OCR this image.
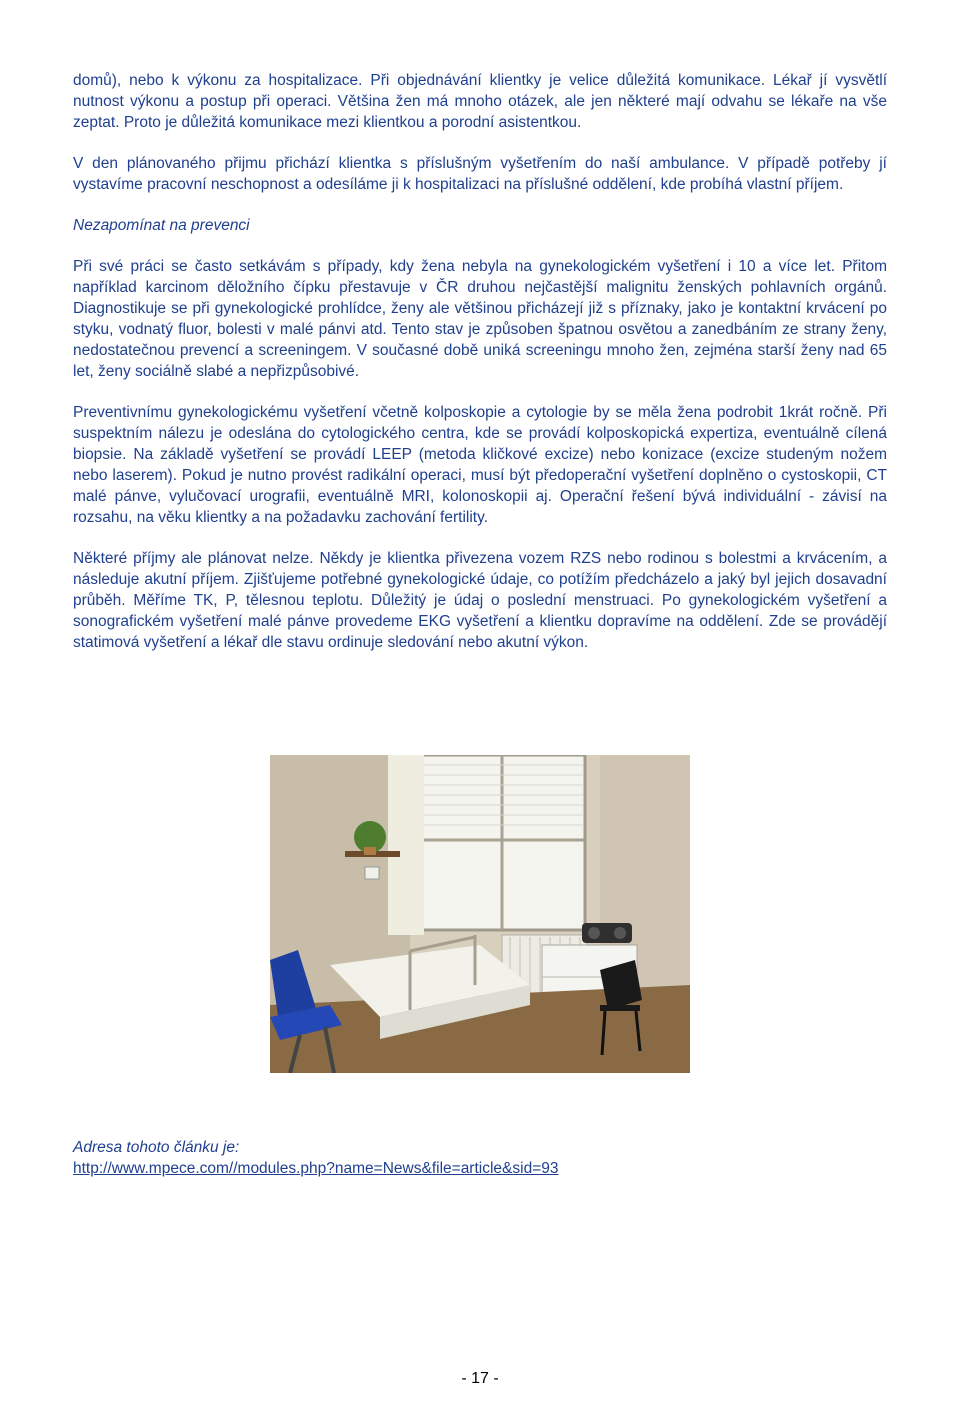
domů), nebo k výkonu za hospitalizace. Při objednávání klientky je velice důležitá komunikace. Lékař jí vysvětlí nutnost výkonu a postup při operaci. Většina žen má mnoho otázek, ale jen některé mají odvahu se lékaře na vše zeptat. Proto je důležitá komunikace mezi klientkou a porodní asistentkou.

V den plánovaného přijmu přichází klientka s příslušným vyšetřením do naší ambulance. V případě potřeby jí vystavíme pracovní neschopnost a odesíláme ji k hospitalizaci na příslušné oddělení, kde probíhá vlastní příjem.

Nezapomínat na prevenci

Při své práci se často setkávám s případy, kdy žena nebyla na gynekologickém vyšetření i 10 a více let. Přitom například karcinom děložního čípku přestavuje v ČR druhou nejčastější malignitu ženských pohlavních orgánů. Diagnostikuje se při gynekologické prohlídce, ženy ale většinou přicházejí již s příznaky, jako je kontaktní krvácení po styku, vodnatý fluor, bolesti v malé pánvi atd. Tento stav je způsoben špatnou osvětou a zanedbáním ze strany ženy, nedostatečnou prevencí a screeningem. V současné době uniká screeningu mnoho žen, zejména starší ženy nad 65 let, ženy sociálně slabé a nepřizpůsobivé.

Preventivnímu gynekologickému vyšetření včetně kolposkopie a cytologie by se měla žena podrobit 1krát ročně. Při suspektním nálezu je odeslána do cytologického centra, kde se provádí kolposkopická expertiza, eventuálně cílená biopsie. Na základě vyšetření se provádí LEEP (metoda kličkové excize) nebo konizace (excize studeným nožem nebo laserem). Pokud je nutno provést radikální operaci, musí být předoperační vyšetření doplněno o cystoskopii, CT malé pánve, vylučovací urografii, eventuálně MRI, kolonoskopii aj. Operační řešení bývá individuální - závisí na rozsahu, na věku klientky a na požadavku zachování fertility.

Některé příjmy ale plánovat nelze. Někdy je klientka přivezena vozem RZS nebo rodinou s bolestmi a krvácením, a následuje akutní příjem. Zjišťujeme potřebné gynekologické údaje, co potížím předcházelo a jaký byl jejich dosavadní průběh. Měříme TK, P, tělesnou teplotu. Důležitý je údaj o poslední menstruaci. Po gynekologickém vyšetření a sonografickém vyšetření malé pánve provedeme EKG vyšetření a klientku dopravíme na oddělení. Zde se provádějí statimová vyšetření a lékař dle stavu ordinuje sledování nebo akutní výkon.

Adresa tohoto článku je:
http://www.mpece.com//modules.php?name=News&file=article&sid=93
- 17 -
